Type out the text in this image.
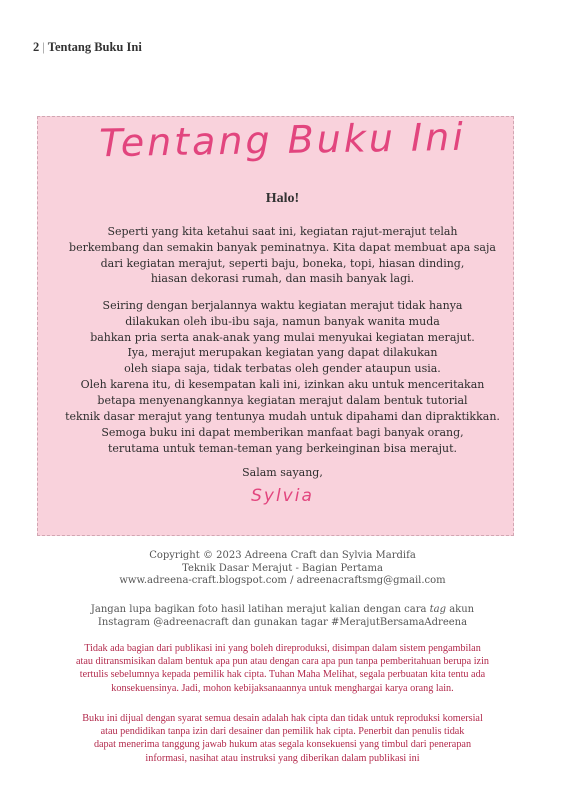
2 | Tentang Buku Ini
Tentang Buku Ini
Halo!
Seperti yang kita ketahui saat ini, kegiatan rajut-merajut telah
berkembang dan semakin banyak peminatnya. Kita dapat membuat apa saja
dari kegiatan merajut, seperti baju, boneka, topi, hiasan dinding,
hiasan dekorasi rumah, dan masih banyak lagi.
Seiring dengan berjalannya waktu kegiatan merajut tidak hanya
dilakukan oleh ibu-ibu saja, namun banyak wanita muda
bahkan pria serta anak-anak yang mulai menyukai kegiatan merajut.
Iya, merajut merupakan kegiatan yang dapat dilakukan
oleh siapa saja, tidak terbatas oleh gender ataupun usia.
Oleh karena itu, di kesempatan kali ini, izinkan aku untuk menceritakan
betapa menyenangkannya kegiatan merajut dalam bentuk tutorial
teknik dasar merajut yang tentunya mudah untuk dipahami dan dipraktikkan.
Semoga buku ini dapat memberikan manfaat bagi banyak orang,
terutama untuk teman-teman yang berkeinginan bisa merajut.
Salam sayang,
Sylvia
Copyright © 2023 Adreena Craft dan Sylvia Mardifa
Teknik Dasar Merajut - Bagian Pertama
www.adreena-craft.blogspot.com / adreenacraftsmg@gmail.com
Jangan lupa bagikan foto hasil latihan merajut kalian dengan cara tag akun
Instagram @adreenacraft dan gunakan tagar #MerajutBersamaAdreena
Tidak ada bagian dari publikasi ini yang boleh direproduksi, disimpan dalam sistem pengambilan
atau ditransmisikan dalam bentuk apa pun atau dengan cara apa pun tanpa pemberitahuan berupa izin
tertulis sebelumnya kepada pemilik hak cipta. Tuhan Maha Melihat, segala perbuatan kita tentu ada
konsekuensinya. Jadi, mohon kebijaksanaannya untuk menghargai karya orang lain.
Buku ini dijual dengan syarat semua desain adalah hak cipta dan tidak untuk reproduksi komersial
atau pendidikan tanpa izin dari desainer dan pemilik hak cipta. Penerbit dan penulis tidak
dapat menerima tanggung jawab hukum atas segala konsekuensi yang timbul dari penerapan
informasi, nasihat atau instruksi yang diberikan dalam publikasi ini
